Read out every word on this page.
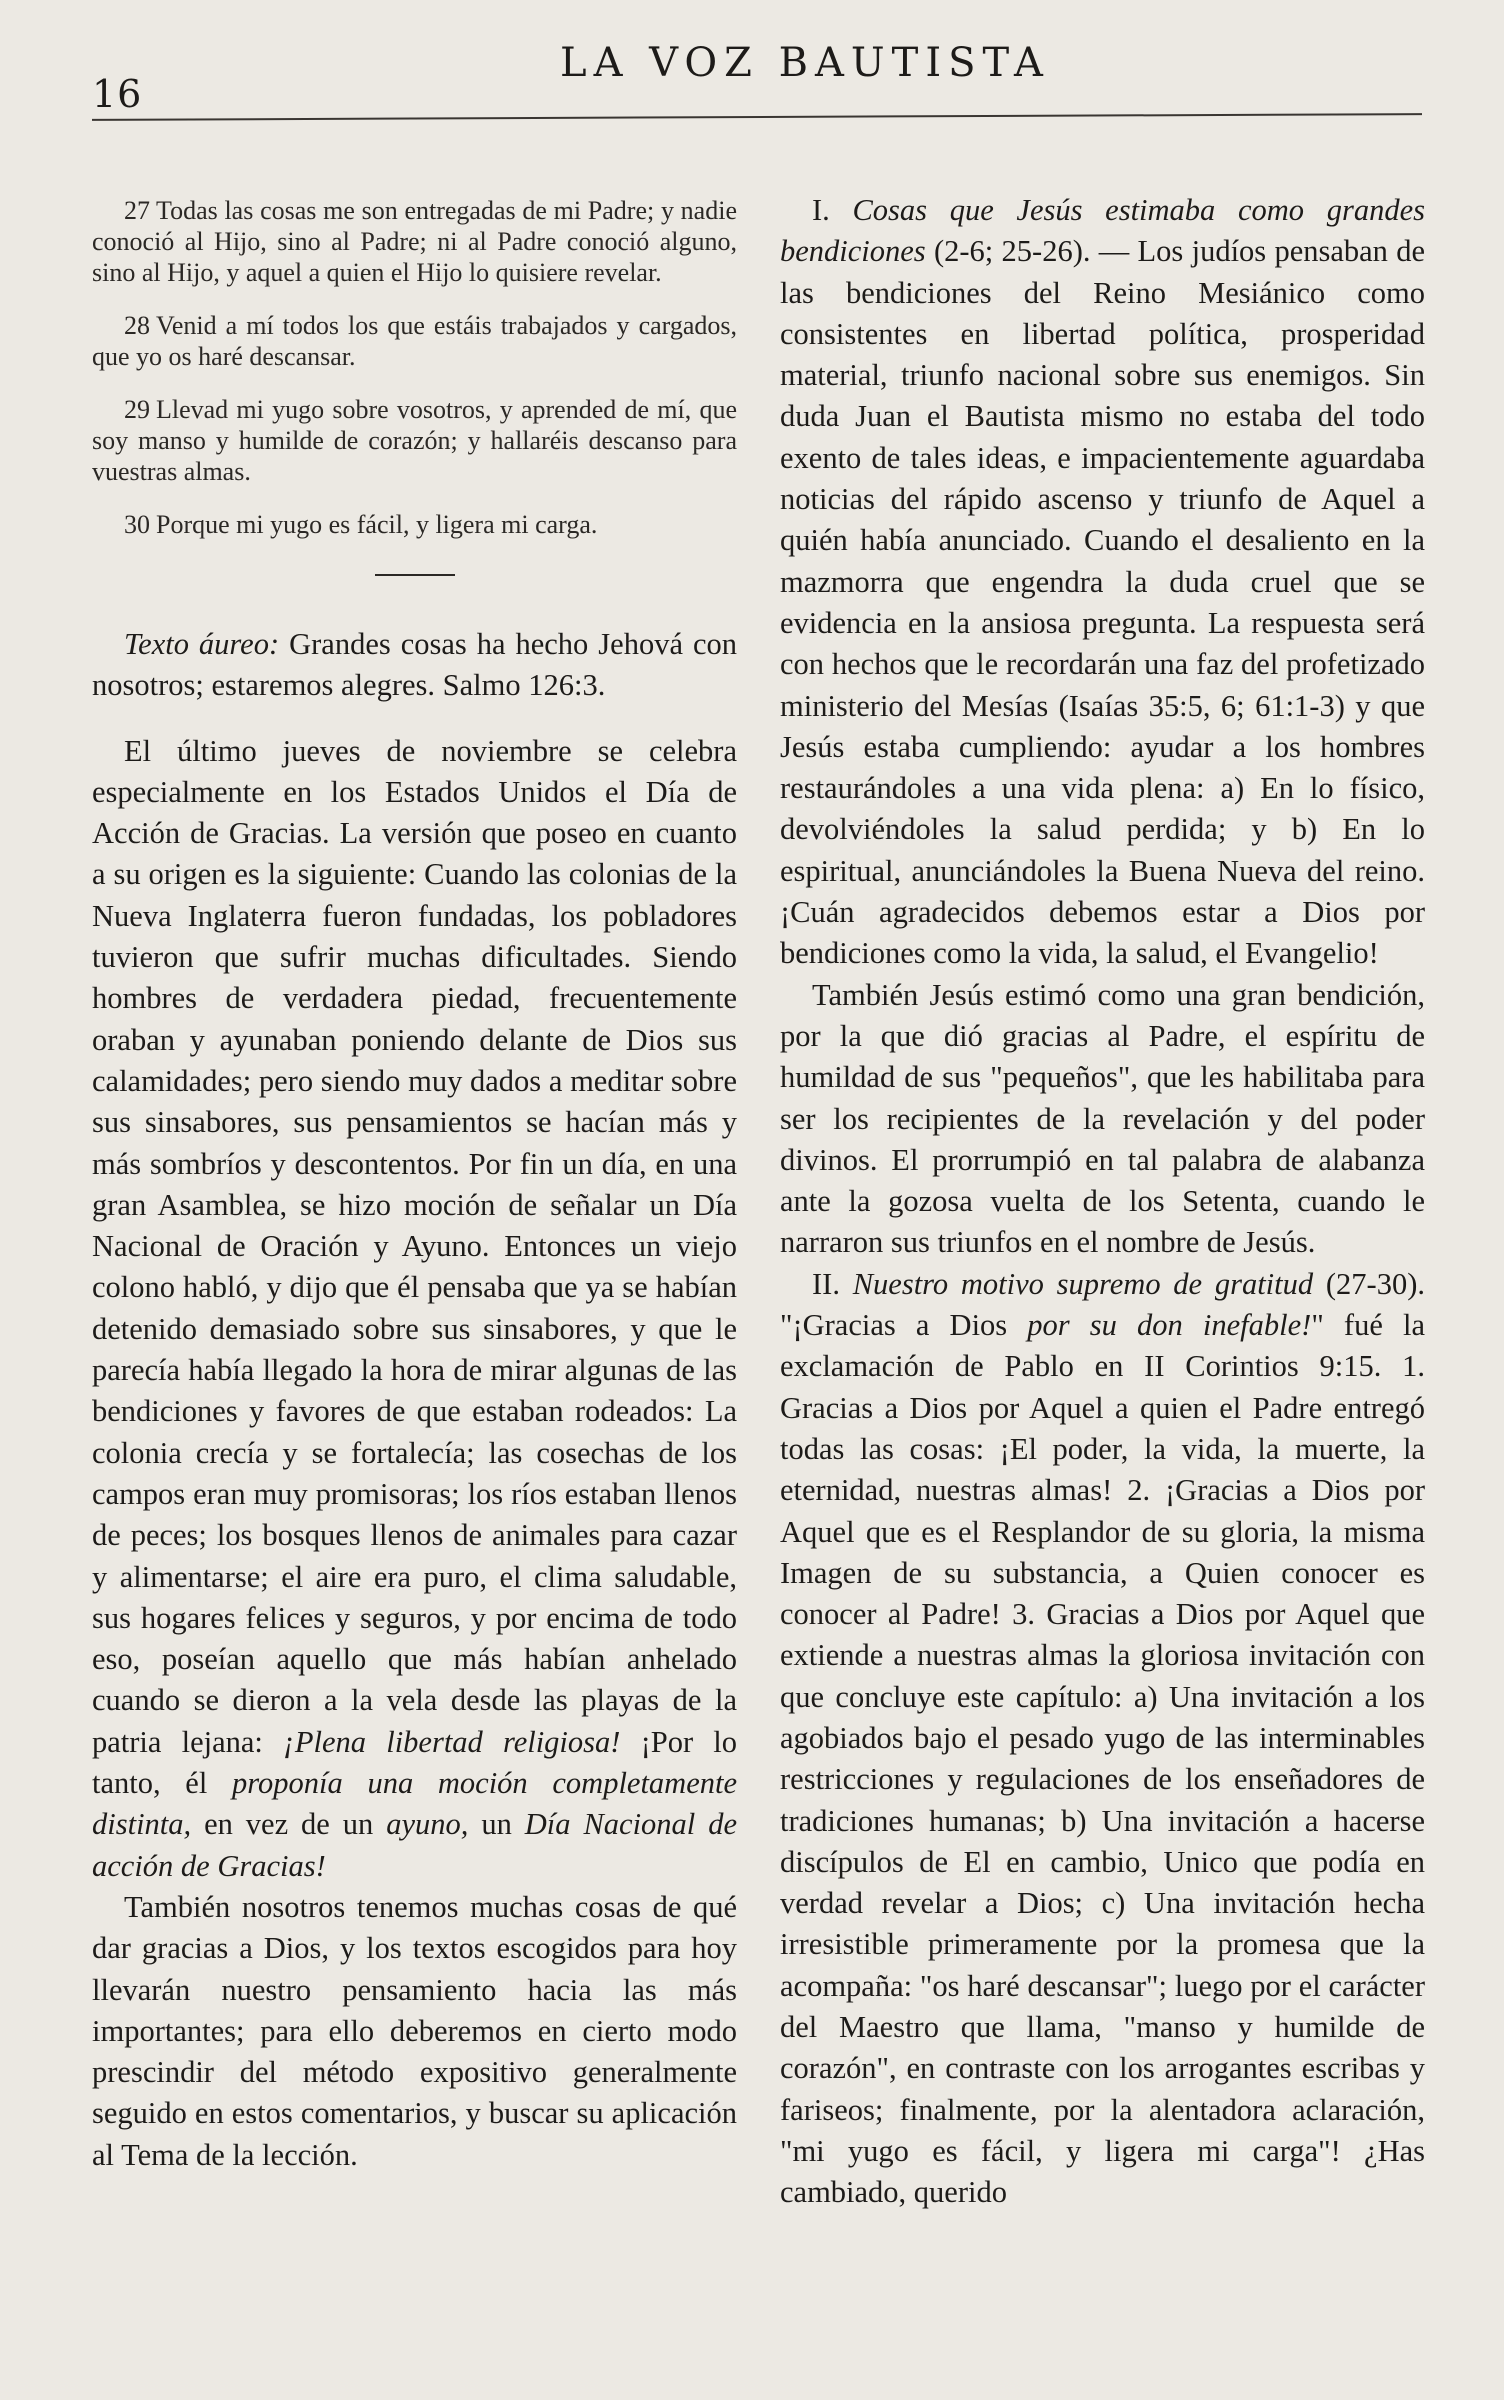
16
LA VOZ BAUTISTA

27 Todas las cosas me son entregadas de mi Padre; y nadie conoció al Hijo, sino al Padre; ni al Padre conoció alguno, sino al Hijo, y aquel a quien el Hijo lo quisiere revelar.

28 Venid a mí todos los que estáis trabajados y cargados, que yo os haré descansar.

29 Llevad mi yugo sobre vosotros, y aprended de mí, que soy manso y humilde de corazón; y hallaréis descanso para vuestras almas.

30 Porque mi yugo es fácil, y ligera mi carga.

Texto áureo: Grandes cosas ha hecho Jehová con nosotros; estaremos alegres. Salmo 126:3.

El último jueves de noviembre se celebra especialmente en los Estados Unidos el Día de Acción de Gracias. La versión que poseo en cuanto a su origen es la siguiente: Cuando las colonias de la Nueva Inglaterra fueron fundadas, los pobladores tuvieron que sufrir muchas dificultades. Siendo hombres de verdadera piedad, frecuentemente oraban y ayunaban poniendo delante de Dios sus calamidades; pero siendo muy dados a meditar sobre sus sinsabores, sus pensamientos se hacían más y más sombríos y descontentos. Por fin un día, en una gran Asamblea, se hizo moción de señalar un Día Nacional de Oración y Ayuno. Entonces un viejo colono habló, y dijo que él pensaba que ya se habían detenido demasiado sobre sus sinsabores, y que le parecía había llegado la hora de mirar algunas de las bendiciones y favores de que estaban rodeados: La colonia crecía y se fortalecía; las cosechas de los campos eran muy promisoras; los ríos estaban llenos de peces; los bosques llenos de animales para cazar y alimentarse; el aire era puro, el clima saludable, sus hogares felices y seguros, y por encima de todo eso, poseían aquello que más habían anhelado cuando se dieron a la vela desde las playas de la patria lejana: ¡Plena libertad religiosa! ¡Por lo tanto, él proponía una moción completamente distinta, en vez de un ayuno, un Día Nacional de acción de Gracias!

También nosotros tenemos muchas cosas de qué dar gracias a Dios, y los textos escogidos para hoy llevarán nuestro pensamiento hacia las más importantes; para ello deberemos en cierto modo prescindir del método expositivo generalmente seguido en estos comentarios, y buscar su aplicación al Tema de la lección.

I. Cosas que Jesús estimaba como grandes bendiciones (2-6; 25-26). — Los judíos pensaban de las bendiciones del Reino Mesiánico como consistentes en libertad política, prosperidad material, triunfo nacional sobre sus enemigos. Sin duda Juan el Bautista mismo no estaba del todo exento de tales ideas, e impacientemente aguardaba noticias del rápido ascenso y triunfo de Aquel a quién había anunciado. Cuando el desaliento en la mazmorra que engendra la duda cruel que se evidencia en la ansiosa pregunta. La respuesta será con hechos que le recordarán una faz del profetizado ministerio del Mesías (Isaías 35:5, 6; 61:1-3) y que Jesús estaba cumpliendo: ayudar a los hombres restaurándoles a una vida plena: a) En lo físico, devolviéndoles la salud perdida; y b) En lo espiritual, anunciándoles la Buena Nueva del reino. ¡Cuán agradecidos debemos estar a Dios por bendiciones como la vida, la salud, el Evangelio!

También Jesús estimó como una gran bendición, por la que dió gracias al Padre, el espíritu de humildad de sus "pequeños", que les habilitaba para ser los recipientes de la revelación y del poder divinos. El prorrumpió en tal palabra de alabanza ante la gozosa vuelta de los Setenta, cuando le narraron sus triunfos en el nombre de Jesús.

II. Nuestro motivo supremo de gratitud (27-30). "¡Gracias a Dios por su don inefable!" fué la exclamación de Pablo en II Corintios 9:15. 1. Gracias a Dios por Aquel a quien el Padre entregó todas las cosas: ¡El poder, la vida, la muerte, la eternidad, nuestras almas! 2. ¡Gracias a Dios por Aquel que es el Resplandor de su gloria, la misma Imagen de su substancia, a Quien conocer es conocer al Padre! 3. Gracias a Dios por Aquel que extiende a nuestras almas la gloriosa invitación con que concluye este capítulo: a) Una invitación a los agobiados bajo el pesado yugo de las interminables restricciones y regulaciones de los enseñadores de tradiciones humanas; b) Una invitación a hacerse discípulos de El en cambio, Unico que podía en verdad revelar a Dios; c) Una invitación hecha irresistible primeramente por la promesa que la acompaña: "os haré descansar"; luego por el carácter del Maestro que llama, "manso y humilde de corazón", en contraste con los arrogantes escribas y fariseos; finalmente, por la alentadora aclaración, "mi yugo es fácil, y ligera mi carga"! ¿Has cambiado, querido
